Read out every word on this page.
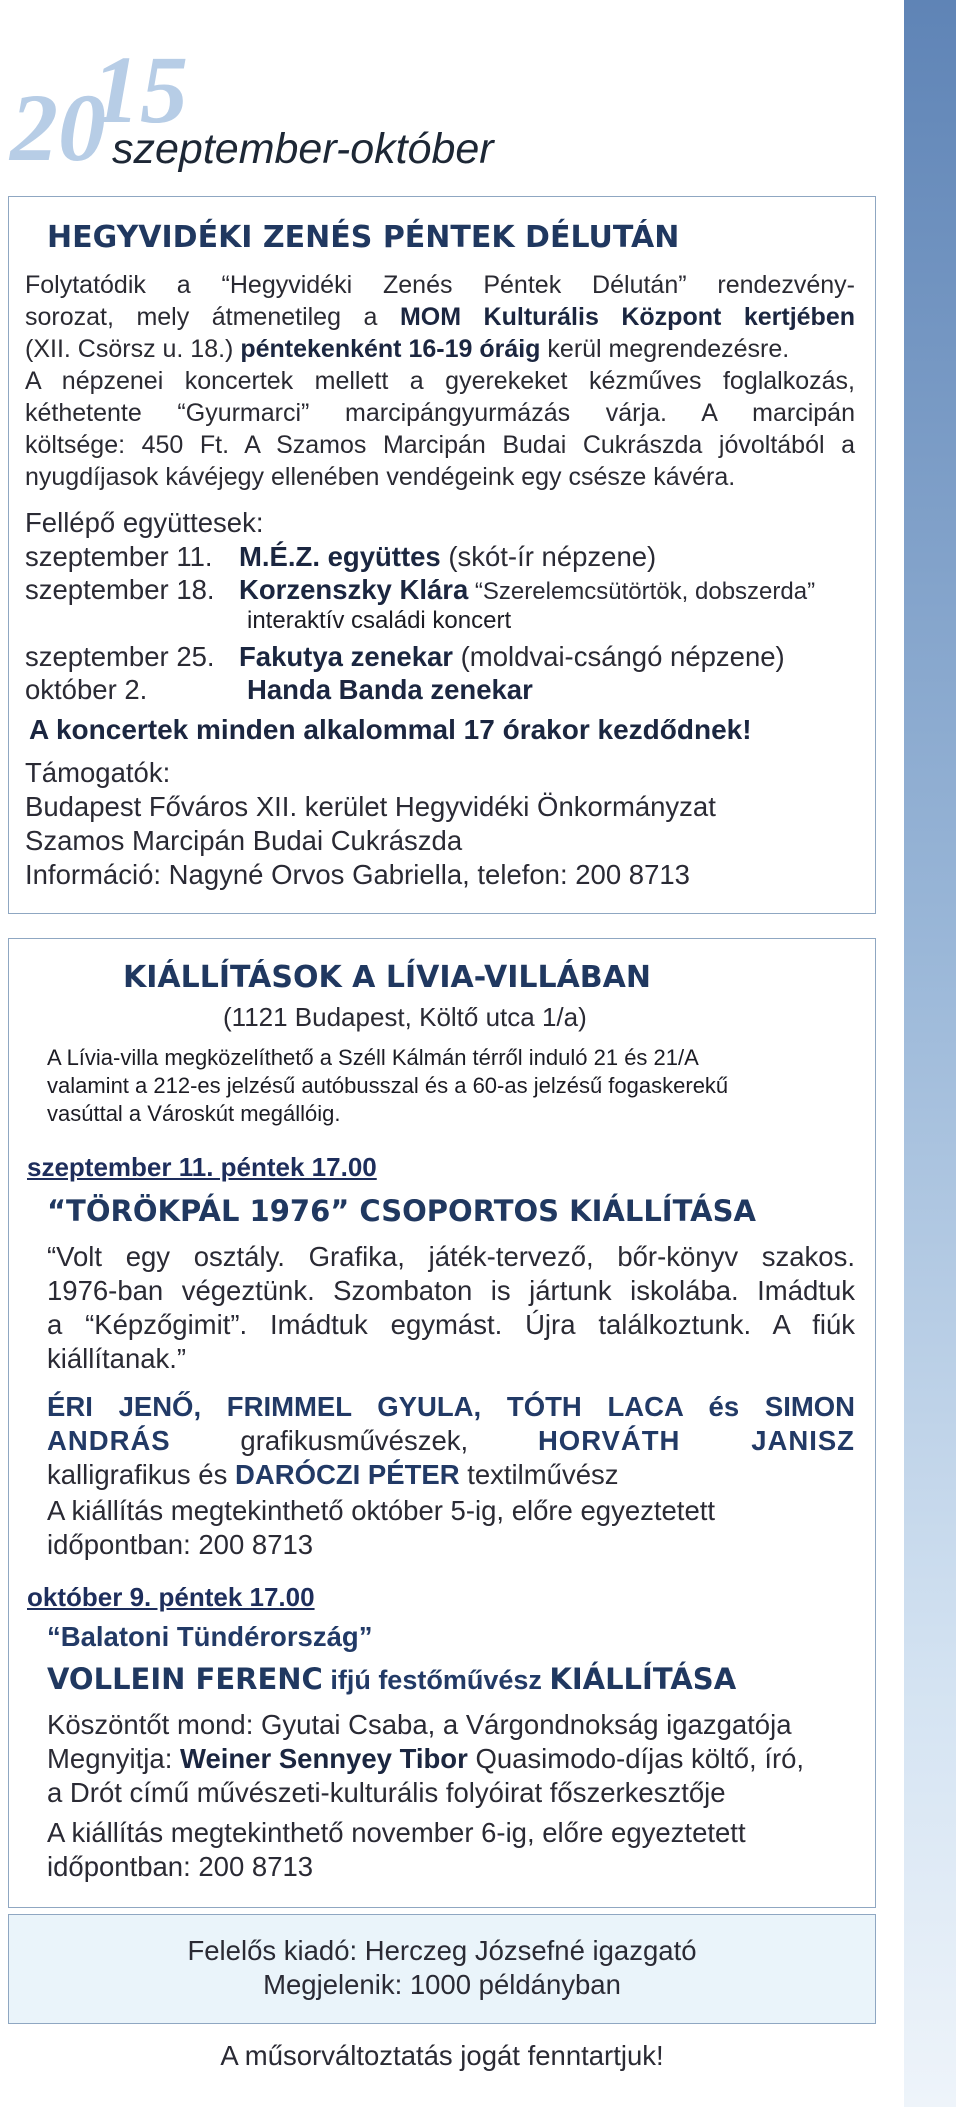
20
15
szeptember-október
HEGYVIDÉKI ZENÉS PÉNTEK DÉLUTÁN
Folytatódik a “Hegyvidéki Zenés Péntek Délután” rendezvény-
sorozat, mely átmenetileg a MOM Kulturális Központ kertjében
(XII. Csörsz u. 18.) péntekenként 16-19 óráig kerül megrendezésre.
A népzenei koncertek mellett a gyerekeket kézműves foglalkozás,
kéthetente “Gyurmarci” marcipángyurmázás várja. A marcipán
költsége: 450 Ft. A Szamos Marcipán Budai Cukrászda jóvoltából a
nyugdíjasok kávéjegy ellenében vendégeink egy csésze kávéra.
Fellépő együttesek:
szeptember 11. M.É.Z. együttes (skót-ír népzene)
szeptember 18. Korzenszky Klára “Szerelemcsütörtök, dobszerda”
interaktív családi koncert
szeptember 25. Fakutya zenekar (moldvai-csángó népzene)
október 2.	Handa Banda zenekar
A koncertek minden alkalommal 17 órakor kezdődnek!
Támogatók:
Budapest Főváros XII. kerület Hegyvidéki Önkormányzat
Szamos Marcipán Budai Cukrászda
Információ: Nagyné Orvos Gabriella, telefon: 200 8713
KIÁLLÍTÁSOK A LÍVIA-VILLÁBAN
(1121 Budapest, Költő utca 1/a)
A Lívia-villa megközelíthető a Széll Kálmán térről induló 21 és 21/A
valamint a 212-es jelzésű autóbusszal és a 60-as jelzésű fogaskerekű
vasúttal a Városkút megállóig.
szeptember 11. péntek 17.00
“TÖRÖKPÁL 1976” CSOPORTOS KIÁLLÍTÁSA
“Volt egy osztály. Grafika, játék-tervező, bőr-könyv szakos.
1976-ban végeztünk. Szombaton is jártunk iskolába. Imádtuk
a “Képzőgimit”. Imádtuk egymást. Újra találkoztunk. A fiúk
kiállítanak.”
ÉRI JENŐ, FRIMMEL GYULA, TÓTH LACA és SIMON
ANDRÁS grafikusművészek, HORVÁTH JANISZ
kalligrafikus és DARÓCZI PÉTER textilművész
A kiállítás megtekinthető október 5-ig, előre egyeztetett
időpontban: 200 8713
október 9. péntek 17.00
“Balatoni Tündérország”
VOLLEIN FERENC ifjú festőművész KIÁLLÍTÁSA
Köszöntőt mond: Gyutai Csaba, a Várgondnokság igazgatója
Megnyitja: Weiner Sennyey Tibor Quasimodo-díjas költő, író,
a Drót című művészeti-kulturális folyóirat főszerkesztője
A kiállítás megtekinthető november 6-ig, előre egyeztetett
időpontban: 200 8713
Felelős kiadó: Herczeg Józsefné igazgató
Megjelenik: 1000 példányban
A műsorváltoztatás jogát fenntartjuk!
